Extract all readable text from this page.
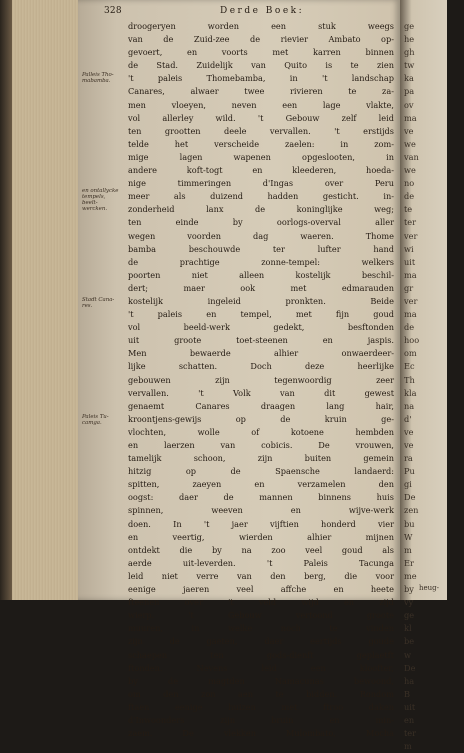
328	Derde Boek:
Palleis Tho-mabamba.
en ontallycke tempels, beelt-wercken.
Stadt Cana-res.
Paleis Tu-camga.
droogeryen worden een stuk weegs
van de Zuid-zee de rievier Ambato op-
gevoert, en voorts met karren binnen
de Stad. Zuidelijk van Quito is te zien
't paleis Thomebamba, in 't landschap
Canares, alwaer twee rivieren te za-
men vloeyen, neven een lage vlakte,
vol allerley wild. 't Gebouw zelf leid
ten grootten deele vervallen. 't erstijds
telde het verscheide zaelen: in zom-
mige lagen wapenen opgeslooten, in
andere koft-togt en kleederen, hoeda-
nige timmeringen d'Ingas over Peru
meer als duizend hadden gesticht. in-
zonderheid lanx de koninglijke weg;
ten einde by oorlogs-overval aller
wegen voorden dag waeren. Thome
bamba beschouwde ter lufter hand
de prachtige zonne-tempel: welkers
poorten niet alleen kostelijk beschil-
dert; maer ook met edmarauden
kostelijk ingeleid pronkten. Beide
't paleis en tempel, met fijn goud
vol beeld-werk gedekt, besftonden
uit groote toet-steenen en jaspis.
Men bewaerde alhier onwaerdeer-
lijke schatten. Doch deze heerlijke
gebouwen zijn tegenwoordig zeer
vervallen. 't Volk van dit gewest
genaemt Canares draagen lang hair,
kroontjens-gewijs op de kruin ge-
vlochten, wolle of kotoene hembden
en laerzen van cobicis. De vrouwen,
tamelijk schoon, zijn buiten gemein
hitzig op de Spaensche landaerd:
spitten, zaeyen en verzamelen den
oogst: daer de mannen binnens huis
spinnen, weeven en wijve-werk
doen. In 't jaer vijftien honderd vier
en veertig, wierden alhier mijnen
ontdekt die by na zoo veel goud als
aerde uit-leverden. 't Paleis Tacunga
leid niet verre van den berg, die voor
eenige jaeren veel affche en heete
fteenen over 't veld wijd en zijd
wierp. 't Gebouw vertoond groote
muuren, in welke noch te vinden
zijn de gaeten, daer eertijds goude
schaepen ten gods-dienft geplaetft
ftonden. Nevens leid een kloofter,
by de magtden Namacunas bewoond,
om den zon aen te bidden. Rondom
ftaen eenige huizen met ftroo daken
d'Inwoonders zijn bruin en min-
zaem. De vlekken Mulombato, Mocha
ge
he
gh
tw
ka
pa
ov
ma
ve
we
van
we
no
de
te
ter
ver
wi
uit
ma
gr
ver
ma
de
hoo
om
Ec
Th
kla
na
d'
ve
ve
ra
Pu
gi
De
zen
bu
W
m
Er
me
by
vy
ge
kl
be
w
De
ha
B
uit
en
ter
m
heug-
